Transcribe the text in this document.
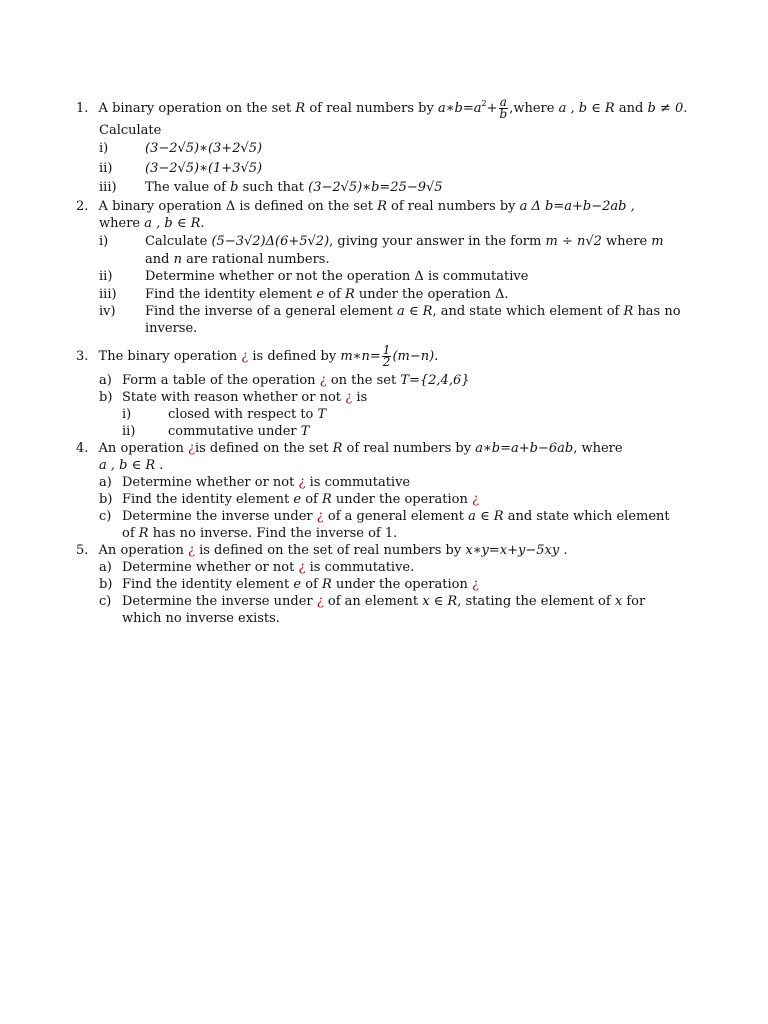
1. A binary operation on the set R of real numbers by $a∗b=a^2+ \frac{a}{b}$ ,where a , b ∈ R and b ≠ 0.
Calculate
i)	(3−2√5)∗(3+2√5)
ii)	(3−2√5)∗(1+3√5)
iii) The value of b such that (3−2√5)∗b=25−9√5
2. A binary operation Δ is defined on the set R of real numbers by a Δ b=a+b−2ab ,
where a , b ∈ R.
i)	Calculate (5−3√2)Δ(6+5√2), giving your answer in the form m ÷ n√2 where m
and n are rational numbers.
ii)	Determine whether or not the operation Δ is commutative
iii) Find the identity element e of R under the operation Δ.
iv) Find the inverse of a general element a ∈ R, and state which element of R has no
inverse.
3. The binary operation ¿ is defined by m∗n= $\frac{1}{2} (m-n)$.
a) Form a table of the operation ¿ on the set T={2,4,6}
b) State with reason whether or not ¿ is
i)	closed with respect to T
ii)	commutative under T
4. An operation ¿is defined on the set R of real numbers by a∗b=a+b−6ab, where
a , b ∈ R .
a) Determine whether or not ¿ is commutative
b) Find the identity element e of R under the operation ¿
c) Determine the inverse under ¿ of a general element a ∈ R and state which element
of R has no inverse. Find the inverse of 1.
5. An operation ¿ is defined on the set of real numbers by x∗y=x+y−5xy .
a) Determine whether or not ¿ is commutative.
b) Find the identity element e of R under the operation ¿
c) Determine the inverse under ¿ of an element x ∈ R, stating the element of x for
which no inverse exists.
